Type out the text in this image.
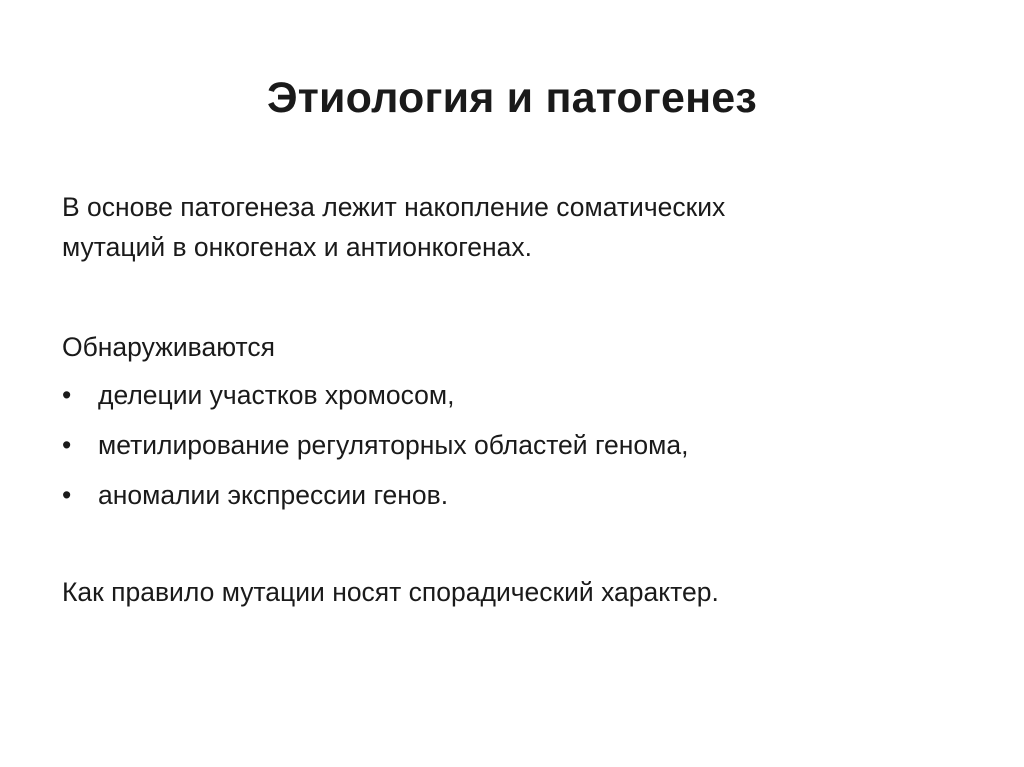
Этиология и патогенез

В основе патогенеза лежит накопление соматических
мутаций в онкогенах и антионкогенах.

Обнаруживаются

•	делеции участков хромосом,
•	метилирование регуляторных областей генома,
•	аномалии экспрессии генов.

Как правило мутации носят спорадический характер.
